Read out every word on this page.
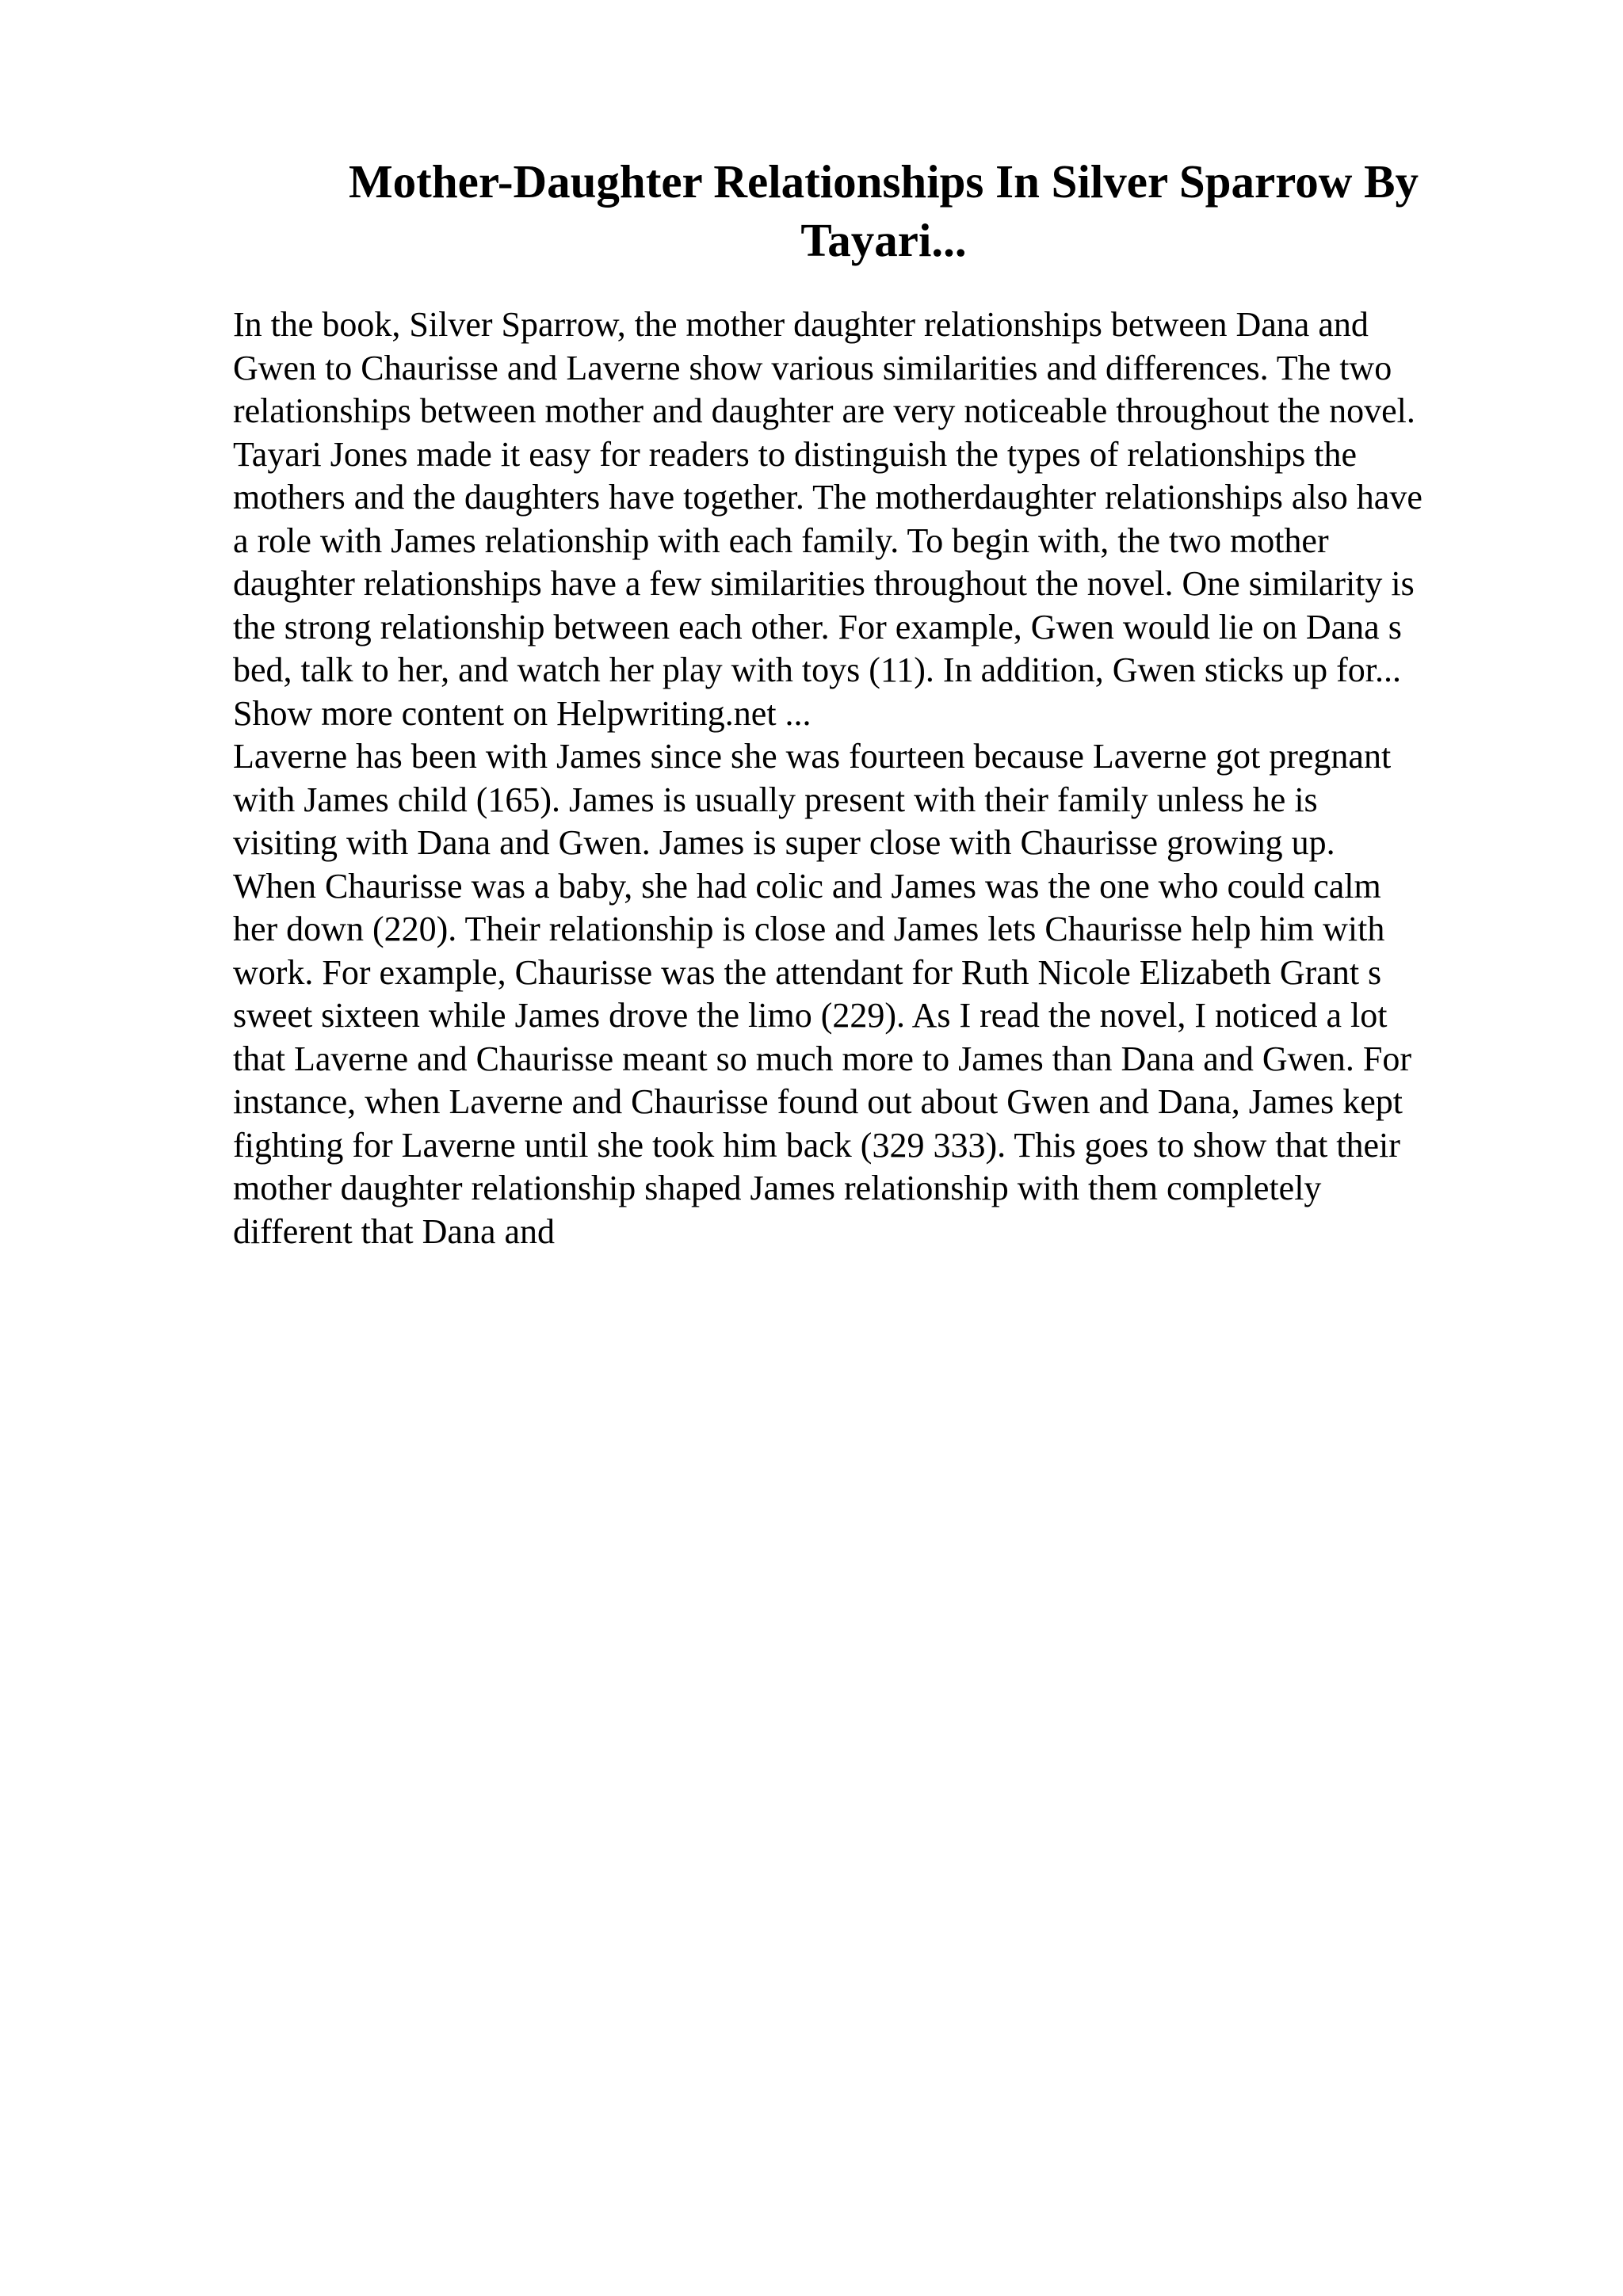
Mother-Daughter Relationships In Silver Sparrow By
Tayari...
In the book, Silver Sparrow, the mother daughter relationships between Dana and
Gwen to Chaurisse and Laverne show various similarities and differences. The two
relationships between mother and daughter are very noticeable throughout the novel.
Tayari Jones made it easy for readers to distinguish the types of relationships the
mothers and the daughters have together. The motherdaughter relationships also have
a role with James relationship with each family. To begin with, the two mother
daughter relationships have a few similarities throughout the novel. One similarity is
the strong relationship between each other. For example, Gwen would lie on Dana s
bed, talk to her, and watch her play with toys (11). In addition, Gwen sticks up for...
Show more content on Helpwriting.net ...
Laverne has been with James since she was fourteen because Laverne got pregnant
with James child (165). James is usually present with their family unless he is
visiting with Dana and Gwen. James is super close with Chaurisse growing up.
When Chaurisse was a baby, she had colic and James was the one who could calm
her down (220). Their relationship is close and James lets Chaurisse help him with
work. For example, Chaurisse was the attendant for Ruth Nicole Elizabeth Grant s
sweet sixteen while James drove the limo (229). As I read the novel, I noticed a lot
that Laverne and Chaurisse meant so much more to James than Dana and Gwen. For
instance, when Laverne and Chaurisse found out about Gwen and Dana, James kept
fighting for Laverne until she took him back (329 333). This goes to show that their
mother daughter relationship shaped James relationship with them completely
different that Dana and
